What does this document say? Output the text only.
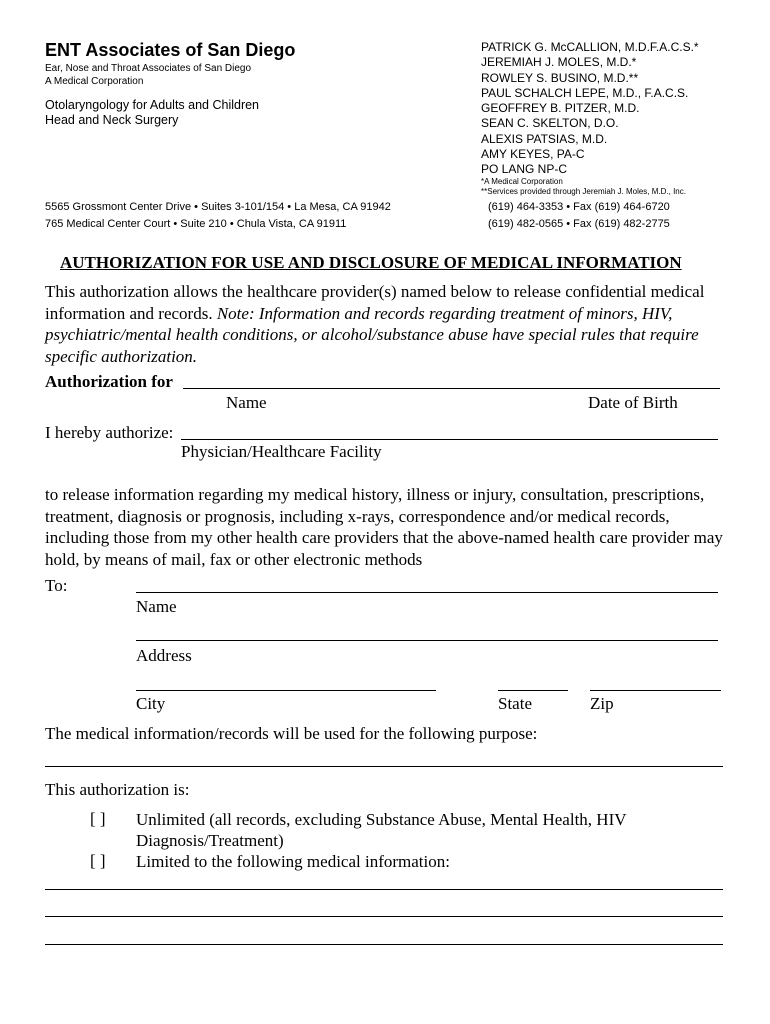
ENT Associates of San Diego
Ear, Nose and Throat Associates of San Diego
A Medical Corporation
Otolaryngology for Adults and Children
Head and Neck Surgery
PATRICK G. McCALLION, M.D.F.A.C.S.*
JEREMIAH J. MOLES, M.D.*
ROWLEY S. BUSINO, M.D.**
PAUL SCHALCH LEPE, M.D., F.A.C.S.
GEOFFREY B. PITZER, M.D.
SEAN C. SKELTON, D.O.
ALEXIS PATSIAS, M.D.
AMY KEYES, PA-C
PO LANG NP-C
*A Medical Corporation
**Services provided through Jeremiah J. Moles, M.D., Inc.
5565 Grossmont Center Drive • Suites 3-101/154 • La Mesa, CA 91942
765 Medical Center Court • Suite 210 • Chula Vista, CA 91911
(619) 464-3353 • Fax (619) 464-6720
(619) 482-0565 • Fax (619) 482-2775
AUTHORIZATION FOR USE AND DISCLOSURE OF MEDICAL INFORMATION
This authorization allows the healthcare provider(s) named below to release confidential medical information and records. Note: Information and records regarding treatment of minors, HIV, psychiatric/mental health conditions, or alcohol/substance abuse have special rules that require specific authorization.
Authorization for
Name	Date of Birth
I hereby authorize:
Physician/Healthcare Facility
to release information regarding my medical history, illness or injury, consultation, prescriptions, treatment, diagnosis or prognosis, including x-rays, correspondence and/or medical records, including those from my other health care providers that the above-named health care provider may hold, by means of mail, fax or other electronic methods
To:
Name
Address
City	State	Zip
The medical information/records will be used for the following purpose:
This authorization is:
[ ] Unlimited (all records, excluding Substance Abuse, Mental Health, HIV
Diagnosis/Treatment)
[ ] Limited to the following medical information:
